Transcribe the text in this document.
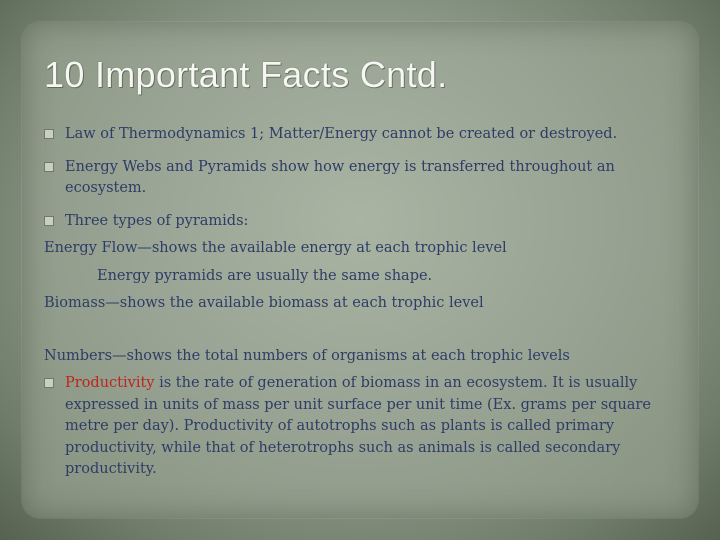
10 Important Facts Cntd.

Law of Thermodynamics 1; Matter/Energy cannot be created or destroyed.

Energy Webs and Pyramids show how energy is transferred throughout an
ecosystem.

Three types of pyramids:

Energy Flow—shows the available energy at each trophic level

Energy pyramids are usually the same shape.

Biomass—shows the available biomass at each trophic level

Numbers—shows the total numbers of organisms at each trophic levels

Productivity is the rate of generation of biomass in an ecosystem. It is usually
expressed in units of mass per unit surface per unit time (Ex. grams per square
metre per day). Productivity of autotrophs such as plants is called primary
productivity, while that of heterotrophs such as animals is called secondary
productivity.
